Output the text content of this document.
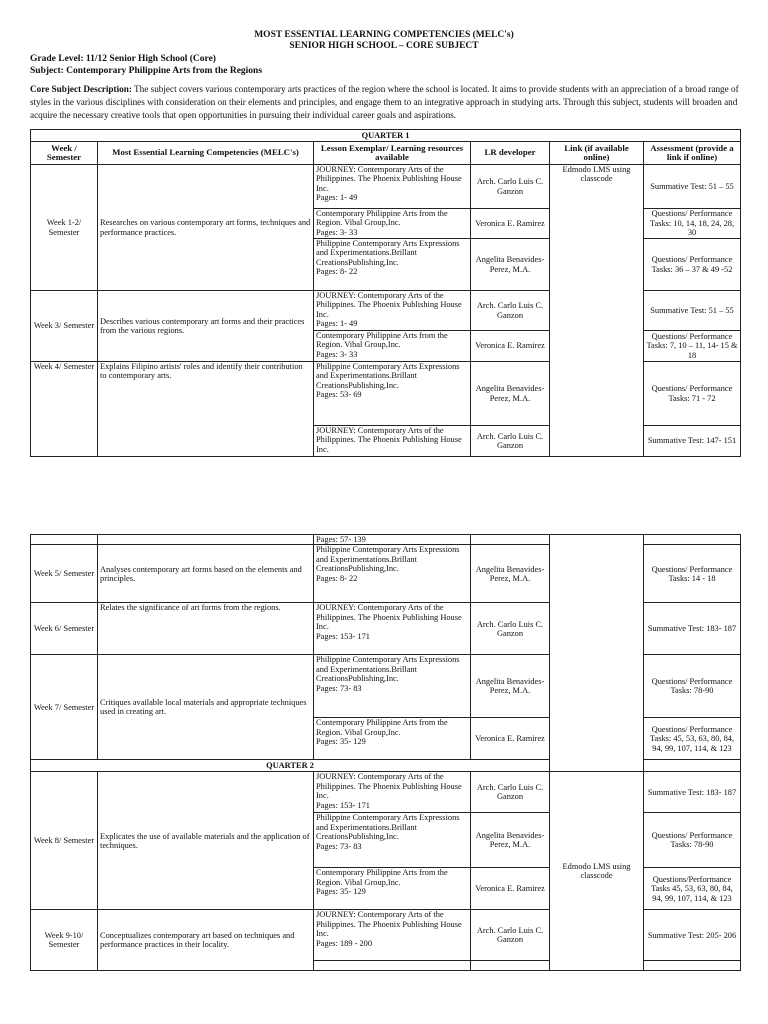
MOST ESSENTIAL LEARNING COMPETENCIES (MELC's)
SENIOR HIGH SCHOOL – CORE SUBJECT
Grade Level: 11/12 Senior High School (Core)
Subject: Contemporary Philippine Arts from the Regions
Core Subject Description: The subject covers various contemporary arts practices of the region where the school is located. It aims to provide students with an appreciation of a broad range of styles in the various disciplines with consideration on their elements and principles, and engage them to an integrative approach in studying arts. Through this subject, students will broaden and acquire the necessary creative tools that open opportunities in pursuing their individual career goals and aspirations.
QUARTER 1					
Week / Semester	Most Essential Learning Competencies (MELC's)	Lesson Exemplar/ Learning resources available	LR developer	Link (if available online)	Assessment (provide a link if online)
Week 1-2/ Semester	Researches on various contemporary art forms, techniques and performance practices.	JOURNEY: Contemporary Arts of the Philippines. The Phoenix Publishing House Inc.
Pages: 1- 49	Arch. Carlo Luis C. Ganzon	Edmodo LMS using classcode	Summative Test: 51 – 55

		Contemporary Philippine Arts from the Region. Vibal Group,Inc.
Pages: 3- 33	Veronica E. Ramirez		Questions/ Performance Tasks: 10, 14, 18, 24, 28, 30

		Philippine Contemporary Arts Expressions and Experimentations.Brillant CreationsPublishing,Inc.
Pages: 8- 22	Angelita Benavides-Perez, M.A.		Questions/ Performance Tasks: 36 – 37 & 49 -52
Week 3/ Semester	Describes various contemporary art forms and their practices from the various regions.	JOURNEY: Contemporary Arts of the Philippines. The Phoenix Publishing House Inc.
Pages: 1- 49	Arch. Carlo Luis C. Ganzon		Summative Test: 51 – 55

		Contemporary Philippine Arts from the Region. Vibal Group,Inc.
Pages: 3- 33	Veronica E. Ramirez		Questions/ Performance Tasks: 7, 10 – 11, 14- 15 & 18
Week 4/ Semester	Explains Filipino artists' roles and identify their contribution to contemporary arts.	Philippine Contemporary Arts Expressions and Experimentations.Brillant CreationsPublishing,Inc.
Pages: 53- 69	Angelita Benavides-Perez, M.A.		Questions/ Performance Tasks: 71 - 72
		JOURNEY: Contemporary Arts of the Philippines. The Phoenix Publishing House Inc.	Arch. Carlo Luis C. Ganzon		Summative Test: 147- 151
		Pages: 57- 139			
Week 5/ Semester	Analyses contemporary art forms based on the elements and principles.	Philippine Contemporary Arts Expressions and Experimentations.Brillant CreationsPublishing,Inc.
Pages: 8- 22	Angelita Benavides-Perez, M.A.		Questions/ Performance Tasks: 14 - 18
Week 6/ Semester	Relates the significance of art forms from the regions.	JOURNEY: Contemporary Arts of the Philippines. The Phoenix Publishing House Inc.
Pages: 153- 171	Arch. Carlo Luis C. Ganzon		Summative Test: 183- 187
Week 7/ Semester	Critiques available local materials and appropriate techniques used in creating art.	Philippine Contemporary Arts Expressions and Experimentations.Brillant CreationsPublishing,Inc.
Pages: 73- 83	Angelita Benavides-Perez, M.A.		Questions/ Performance Tasks: 78-90

		Contemporary Philippine Arts from the Region. Vibal Group,Inc.
Pages: 35- 129	Veronica E. Ramirez		Questions/ Performance Tasks: 45, 53, 63, 80, 84, 94, 99, 107, 114, & 123
QUARTER 2					
Week 8/ Semester	Explicates the use of available materials and the application of techniques.	JOURNEY: Contemporary Arts of the Philippines. The Phoenix Publishing House Inc.
Pages: 153- 171	Arch. Carlo Luis C. Ganzon	Edmodo LMS using classcode	Summative Test: 183- 187

		Philippine Contemporary Arts Expressions and Experimentations.Brillant CreationsPublishing,Inc.
Pages: 73- 83	Angelita Benavides-Perez, M.A.		Questions/ Performance Tasks: 78-90

		Contemporary Philippine Arts from the Region. Vibal Group,Inc.
Pages: 35- 129	Veronica E. Ramirez		Questions/Performance Tasks 45, 53, 63, 80, 84, 94, 99, 107, 114, & 123
Week 9-10/ Semester	Conceptualizes contemporary art based on techniques and performance practices in their locality.	JOURNEY: Contemporary Arts of the Philippines. The Phoenix Publishing House Inc.
Pages: 189 - 200	Arch. Carlo Luis C. Ganzon		Summative Test: 205- 206
